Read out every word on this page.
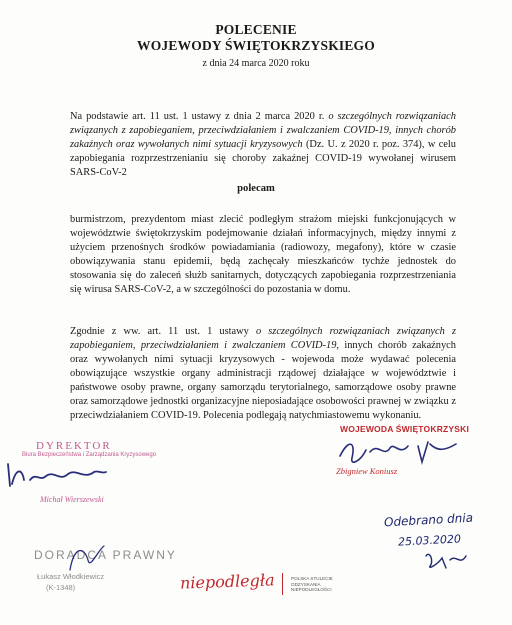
POLECENIE
WOJEWODY ŚWIĘTOKRZYSKIEGO
z dnia 24 marca 2020 roku
Na podstawie art. 11 ust. 1 ustawy z dnia 2 marca 2020 r. o szczególnych rozwiązaniach związanych z zapobieganiem, przeciwdziałaniem i zwalczaniem COVID-19, innych chorób zakaźnych oraz wywołanych nimi sytuacji kryzysowych (Dz. U. z 2020 r. poz. 374), w celu zapobiegania rozprzestrzenianiu się choroby zakaźnej COVID-19 wywołanej wirusem SARS-CoV-2
polecam
burmistrzom, prezydentom miast zlecić podległym strażom miejski funkcjonujących w województwie świętokrzyskim podejmowanie działań informacyjnych, między innymi z użyciem przenośnych środków powiadamiania (radiowozy, megafony), które w czasie obowiązywania stanu epidemii, będą zachęcały mieszkańców tychże jednostek do stosowania się do zaleceń służb sanitarnych, dotyczących zapobiegania rozprzestrzeniania się wirusa SARS-CoV-2, a w szczególności do pozostania w domu.
Zgodnie z ww. art. 11 ust. 1 ustawy o szczególnych rozwiązaniach związanych z zapobieganiem, przeciwdziałaniem i zwalczaniem COVID-19, innych chorób zakaźnych oraz wywołanych nimi sytuacji kryzysowych - wojewoda może wydawać polecenia obowiązujące wszystkie organy administracji rządowej działające w województwie i państwowe osoby prawne, organy samorządu terytorialnego, samorządowe osoby prawne oraz samorządowe jednostki organizacyjne nieposiadające osobowości prawnej w związku z przeciwdziałaniem COVID-19. Polecenia podlegają natychmiastowemu wykonaniu.
WOJEWODA ŚWIĘTOKRZYSKI
Zbigniew Koniusz
DYREKTOR
Biura Bezpieczeństwa i Zarządzania Kryzysowego
Michał Wierszewski
Odebrano dnia
25.03.2020
DORADCA PRAWNY
Łukasz Włodkiewicz
(K-1348)	niepodległa	POLSKA STULECIE ODZYSKANIA NIEPODLEGŁOŚCI
